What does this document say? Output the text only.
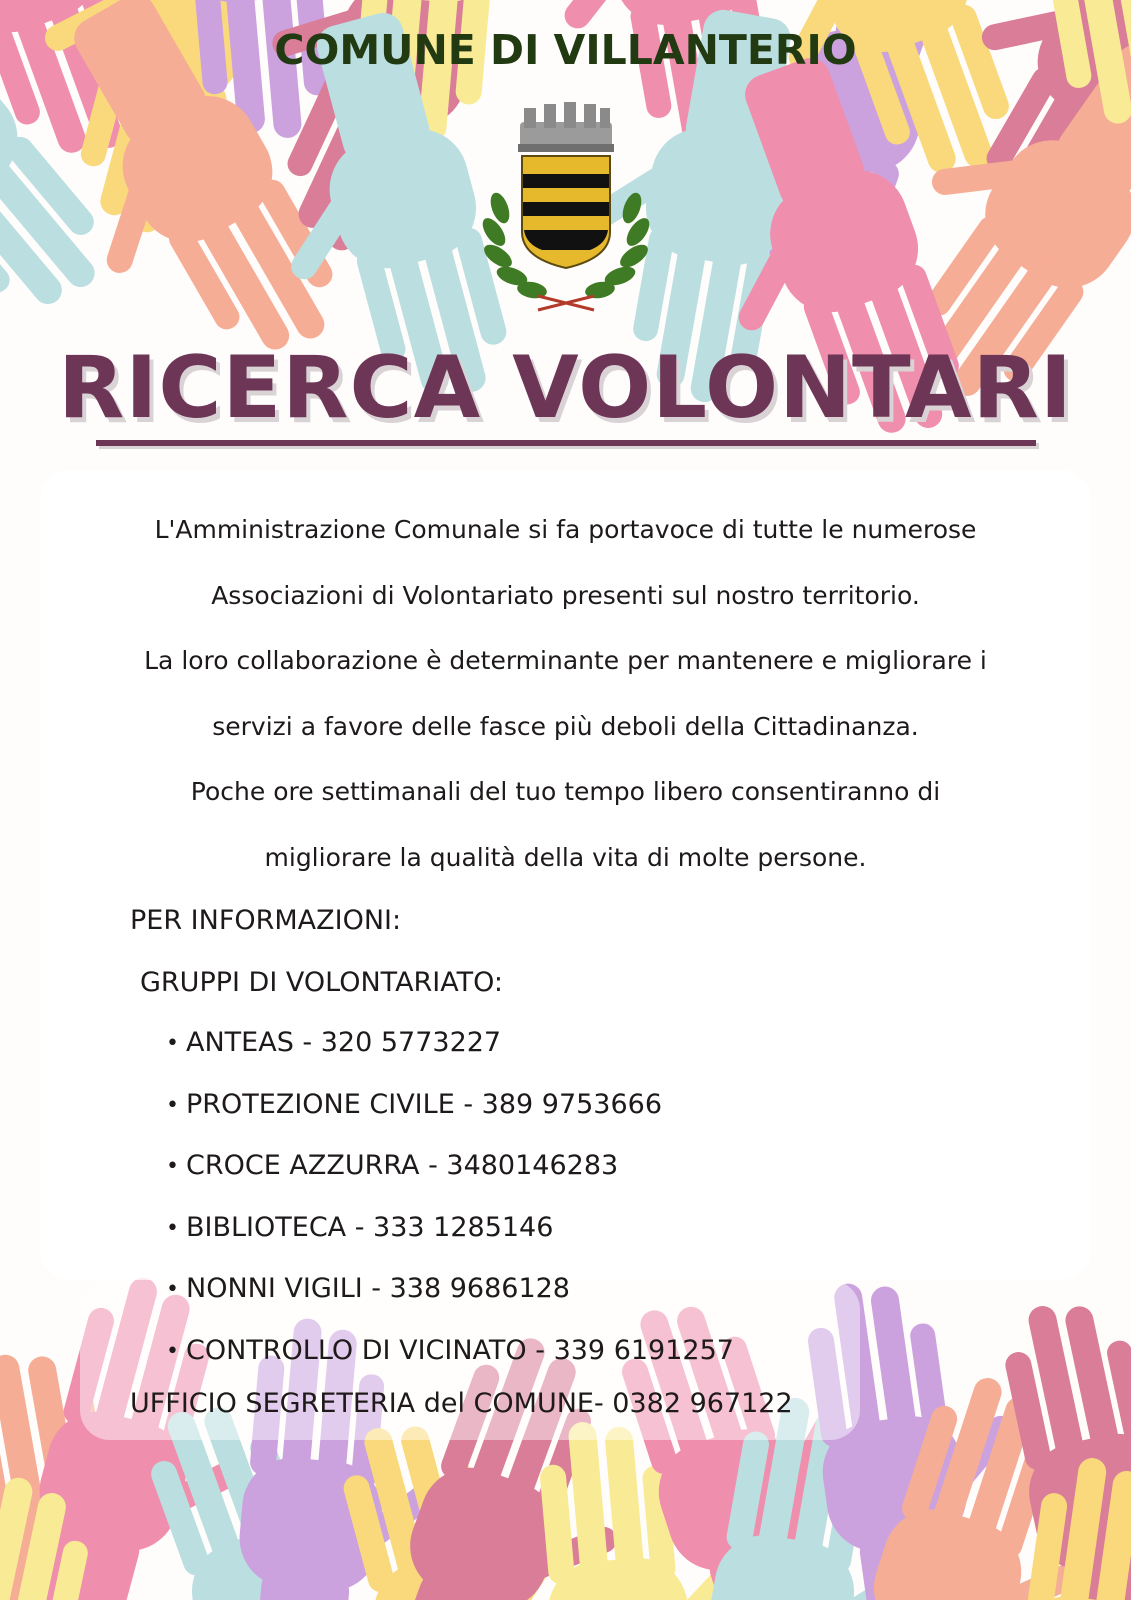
COMUNE DI VILLANTERIO
RICERCA VOLONTARI

L'Amministrazione Comunale si fa portavoce di tutte le numerose
Associazioni di Volontariato presenti sul nostro territorio.
La loro collaborazione è determinante per mantenere e migliorare i
servizi a favore delle fasce più deboli della Cittadinanza.
Poche ore settimanali del tuo tempo libero consentiranno di
migliorare la qualità della vita di molte persone.

PER INFORMAZIONI:
GRUPPI DI VOLONTARIATO:
• ANTEAS - 320 5773227
• PROTEZIONE CIVILE - 389 9753666
• CROCE AZZURRA - 3480146283
• BIBLIOTECA - 333 1285146
• NONNI VIGILI - 338 9686128
• CONTROLLO DI VICINATO - 339 6191257
UFFICIO SEGRETERIA del COMUNE- 0382 967122
